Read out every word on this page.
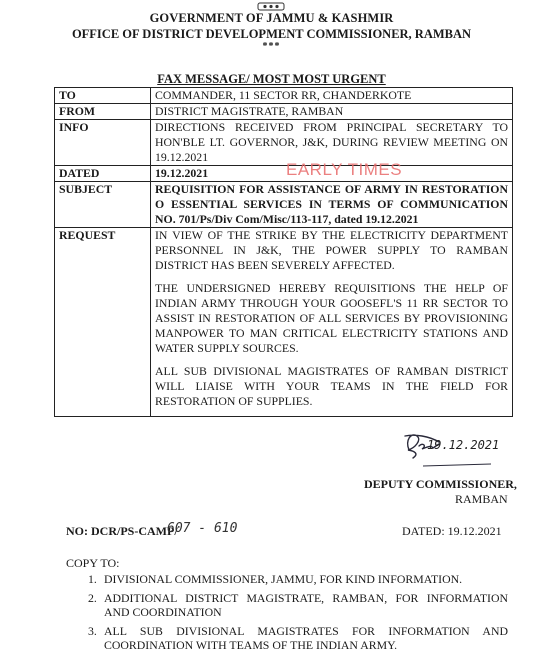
GOVERNMENT OF JAMMU & KASHMIR
OFFICE OF DISTRICT DEVELOPMENT COMMISSIONER, RAMBAN
***
FAX MESSAGE/ MOST MOST URGENT
TO	COMMANDER, 11 SECTOR RR, CHANDERKOTE
FROM	DISTRICT MAGISTRATE, RAMBAN
INFO	DIRECTIONS RECEIVED FROM PRINCIPAL SECRETARY TO HON'BLE LT. GOVERNOR, J&K, DURING REVIEW MEETING ON 19.12.2021
DATED	19.12.2021
SUBJECT	REQUISITION FOR ASSISTANCE OF ARMY IN RESTORATION O ESSENTIAL SERVICES IN TERMS OF COMMUNICATION NO. 701/Ps/Div Com/Misc/113-117, dated 19.12.2021
REQUEST	IN VIEW OF THE STRIKE BY THE ELECTRICITY DEPARTMENT PERSONNEL IN J&K, THE POWER SUPPLY TO RAMBAN DISTRICT HAS BEEN SEVERELY AFFECTED.

THE UNDERSIGNED HEREBY REQUISITIONS THE HELP OF INDIAN ARMY THROUGH YOUR GOOSEFL'S 11 RR SECTOR TO ASSIST IN RESTORATION OF ALL SERVICES BY PROVISIONING MANPOWER TO MAN CRITICAL ELECTRICITY STATIONS AND WATER SUPPLY SOURCES.

ALL SUB DIVISIONAL MAGISTRATES OF RAMBAN DISTRICT WILL LIAISE WITH YOUR TEAMS IN THE FIELD FOR RESTORATION OF SUPPLIES.

EARLY TIMES
19.12.2021
DEPUTY COMMISSIONER,
RAMBAN
NO: DCR/PS-CAMP/
607 - 610	DATED: 19.12.2021
COPY TO:
1. DIVISIONAL COMMISSIONER, JAMMU, FOR KIND INFORMATION.
2. ADDITIONAL DISTRICT MAGISTRATE, RAMBAN, FOR INFORMATION AND COORDINATION
3. ALL SUB DIVISIONAL MAGISTRATES FOR INFORMATION AND COORDINATION WITH TEAMS OF THE INDIAN ARMY.
